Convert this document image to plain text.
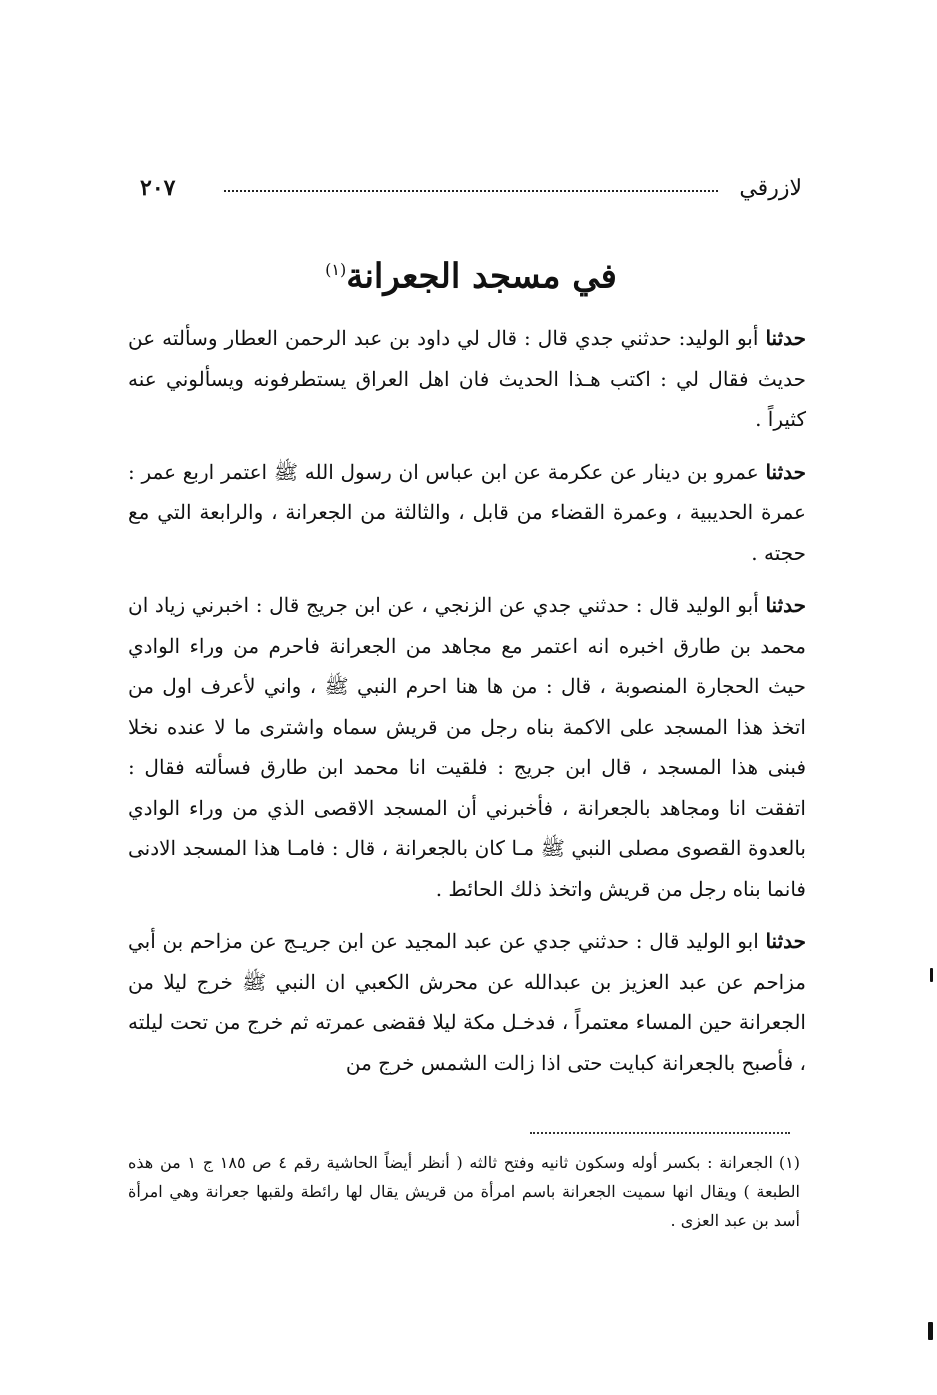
٢٠٧	لازرقي
في مسجد الجعرانة$^{(١)}$

حدثنا أبو الوليد: حدثني جدي قال : قال لي داود بن عبد الرحمن العطار وسألته عن حديث فقال لي : اكتب هـذا الحديث فان اهل العراق يستطرفونه ويسألوني عنه كثيراً .

حدثنا عمرو بن دينار عن عكرمة عن ابن عباس ان رسول الله ﷺ اعتمر اربع عمر : عمرة الحديبية ، وعمرة القضاء من قابل ، والثالثة من الجعرانة ، والرابعة التي مع حجته .

حدثنا أبو الوليد قال : حدثني جدي عن الزنجي ، عن ابن جريج قال : اخبرني زياد ان محمد بن طارق اخبره انه اعتمر مع مجاهد من الجعرانة فاحرم من وراء الوادي حيث الحجارة المنصوبة ، قال : من ها هنا احرم النبي ﷺ ، واني لأعرف اول من اتخذ هذا المسجد على الاكمة بناه رجل من قريش سماه واشترى ما لا عنده نخلا فبنى هذا المسجد ، قال ابن جريج : فلقيت انا محمد ابن طارق فسألته فقال : اتفقت انا ومجاهد بالجعرانة ، فأخبرني أن المسجد الاقصى الذي من وراء الوادي بالعدوة القصوى مصلى النبي ﷺ مـا كان بالجعرانة ، قال : فامـا هذا المسجد الادنى فانما بناه رجل من قريش واتخذ ذلك الحائط .

حدثنا ابو الوليد قال : حدثني جدي عن عبد المجيد عن ابن جريـج عن مزاحم بن أبي مزاحم عن عبد العزيز بن عبدالله عن محرش الكعبي ان النبي ﷺ خرج ليلا من الجعرانة حين المساء معتمراً ، فدخـل مكة ليلا فقضى عمرته ثم خرج من تحت ليلته ، فأصبح بالجعرانة كبايت حتى اذا زالت الشمس خرج من

(١)الجعرانة : بكسر أوله وسكون ثانيه وفتح ثالثه ( أنظر أيضاً الحاشية رقم ٤ ص ١٨٥ ج ١ من هذه الطبعة ) ويقال انها سميت الجعرانة باسم امرأة من قريش يقال لها رائطة ولقبها جعرانة وهي امرأة أسد بن عبد العزى .
